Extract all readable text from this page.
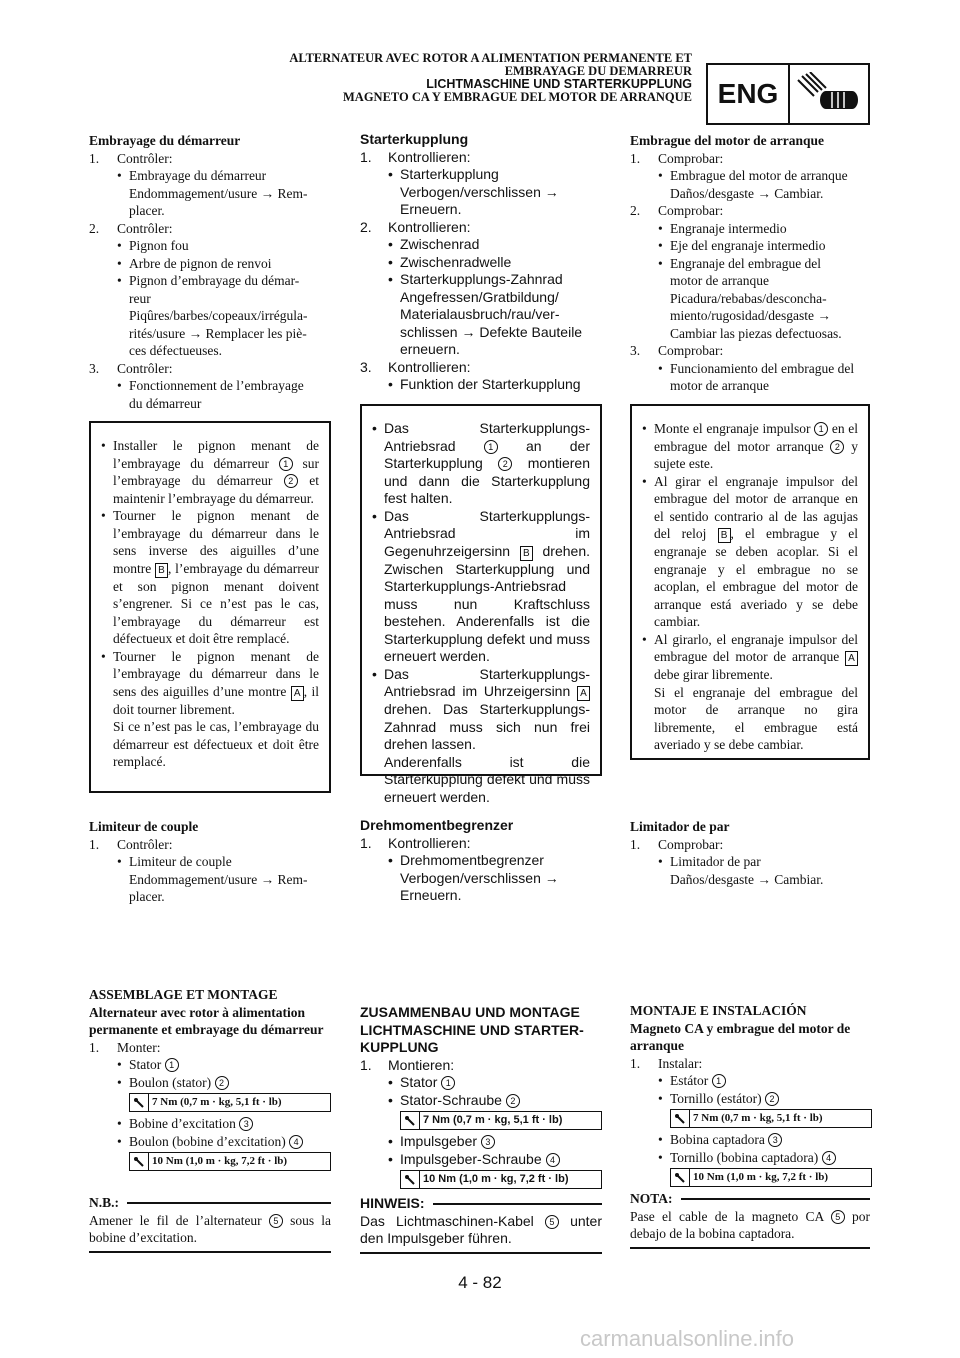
ALTERNATEUR AVEC ROTOR A ALIMENTATION PERMANENTE ET
EMBRAYAGE DU DEMARREUR
LICHTMASCHINE UND STARTERKUPPLUNG
MAGNETO CA Y EMBRAGUE DEL MOTOR DE ARRANQUE ENG
Embrayage du démarreur
1.	Contrôler:
• Embrayage du démarreur
Endommagement/usure → Rem-
placer.
2.	Contrôler:
• Pignon fou
• Arbre de pignon de renvoi
• Pignon d’embrayage du démar-
reur
Piqûres/barbes/copeaux/irrégula-
rités/usure → Remplacer les piè-
ces défectueuses.
3.	Contrôler:
• Fonctionnement de l’embrayage
du démarreur
• Installer le pignon menant de l’embrayage du démarreur 1 sur l’embrayage du démarreur 2 et maintenir l’embrayage du démarreur.
• Tourner le pignon menant de l’embrayage du démarreur dans le sens inverse des aiguilles d’une montre B , l’embrayage du démarreur et son pignon menant doivent s’engrener. Si ce n’est pas le cas, l’embrayage du démarreur est défectueux et doit être remplacé.
• Tourner le pignon menant de l’embrayage du démarreur dans le sens des aiguilles d’une montre A , il doit tourner librement.
Si ce n’est pas le cas, l’embrayage du démarreur est défectueux et doit être remplacé.
Limiteur de couple
1.	Contrôler:
• Limiteur de couple
Endommagement/usure → Rem-
placer.
ASSEMBLAGE ET MONTAGE
Alternateur avec rotor à alimentation permanente et embrayage du démarreur
1.	Monter:
• Stator 1
• Boulon (stator) 2
7 Nm (0,7 m · kg, 5,1 ft · lb)
• Bobine d’excitation 3
• Boulon (bobine d’excitation) 4
10 Nm (1,0 m · kg, 7,2 ft · lb)
N.B.:
Amener le fil de l’alternateur 5 sous la bobine d’excitation.
Starterkupplung
1.	Kontrollieren:
• Starterkupplung
Verbogen/verschlissen →
Erneuern.
2.	Kontrollieren:
• Zwischenrad
• Zwischenradwelle
• Starterkupplungs-Zahnrad
Angefressen/Gratbildung/
Materialausbruch/rau/ver-
schlissen → Defekte Bauteile
erneuern.
3.	Kontrollieren:
• Funktion der Starterkupplung
• Das Starterkupplungs-Antriebsrad 1 an der Starterkupplung 2 montieren und dann die Starterkupplung fest halten.
• Das Starterkupplungs-Antriebsrad im Gegenuhrzeigersinn B drehen. Zwischen Starterkupplung und Starterkupplungs-Antriebsrad muss nun Kraftschluss bestehen. Anderenfalls ist die Starterkupplung defekt und muss erneuert werden.
• Das Starterkupplungs-Antriebsrad im Uhrzeigersinn A drehen. Das Starterkupplungs-Zahnrad muss sich nun frei drehen lassen.
Anderenfalls ist die Starterkupplung defekt und muss erneuert werden.
Drehmomentbegrenzer
1.	Kontrollieren:
• Drehmomentbegrenzer
Verbogen/verschlissen →
Erneuern.
ZUSAMMENBAU UND MONTAGE
LICHTMASCHINE UND STARTER-KUPPLUNG
1.	Montieren:
• Stator 1
• Stator-Schraube 2
7 Nm (0,7 m · kg, 5,1 ft · lb)
• Impulsgeber 3
• Impulsgeber-Schraube 4
10 Nm (1,0 m · kg, 7,2 ft · lb)
HINWEIS:
Das Lichtmaschinen-Kabel 5 unter den Impulsgeber führen.
Embrague del motor de arranque
1.	Comprobar:
• Embrague del motor de arranque
Daños/desgaste → Cambiar.
2.	Comprobar:
• Engranaje intermedio
• Eje del engranaje intermedio
• Engranaje del embrague del
motor de arranque
Picadura/rebabas/desconcha-
miento/rugosidad/desgaste →
Cambiar las piezas defectuosas.
3.	Comprobar:
• Funcionamiento del embrague del
motor de arranque
• Monte el engranaje impulsor 1 en el embrague del motor arranque 2 y sujete este.
• Al girar el engranaje impulsor del embrague del motor de arranque en el sentido contrario al de las agujas del reloj B , el embrague y el engranaje se deben acoplar. Si el engranaje y el embrague no se acoplan, el embrague del motor de arranque está averiado y se debe cambiar.
• Al girarlo, el engranaje impulsor del embrague del motor de arranque A debe girar libremente.
Si el engranaje del embrague del motor de arranque no gira libremente, el embrague está averiado y se debe cambiar.
Limitador de par
1.	Comprobar:
• Limitador de par
Daños/desgaste → Cambiar.
MONTAJE E INSTALACIÓN
Magneto CA y embrague del motor de arranque
1.	Instalar:
• Estátor 1
• Tornillo (estátor) 2
7 Nm (0,7 m · kg, 5,1 ft · lb)
• Bobina captadora 3
• Tornillo (bobina captadora) 4
10 Nm (1,0 m · kg, 7,2 ft · lb)
NOTA:
Pase el cable de la magneto CA 5 por debajo de la bobina captadora.
4 - 82
carmanualsonline.info
